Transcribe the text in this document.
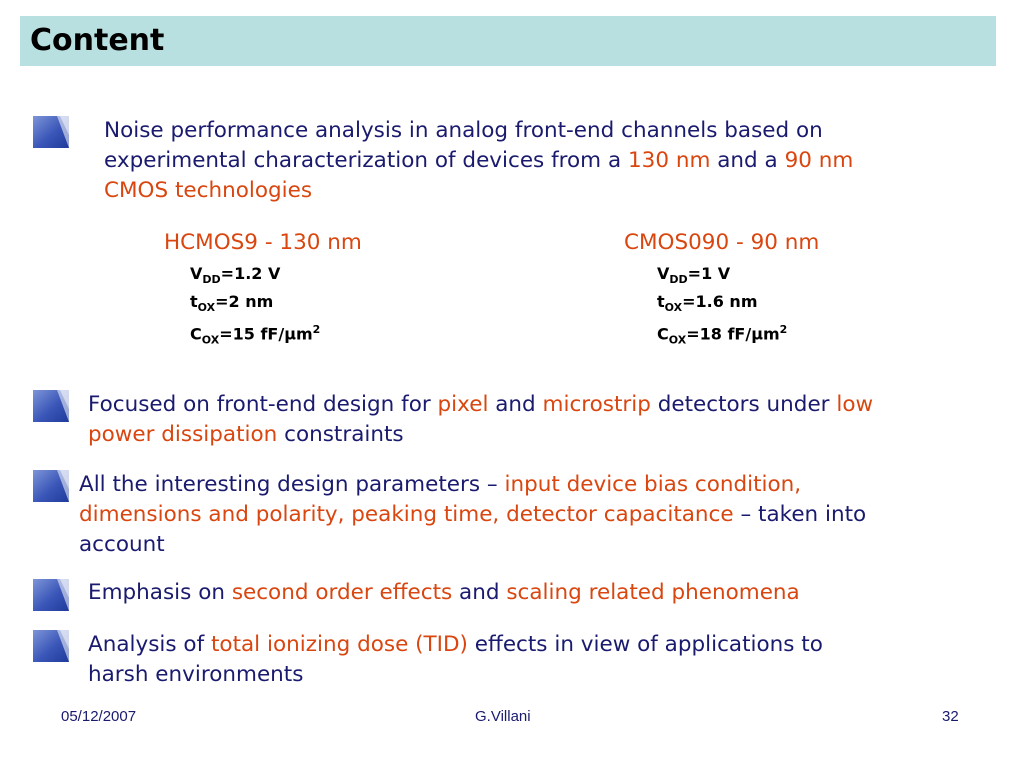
Content
Noise performance analysis in analog front-end channels based on
experimental characterization of devices from a 130 nm and a 90 nm
CMOS technologies
HCMOS9 - 130 nm
$V_{DD}=1.2$ V
$t_{OX}=2$ nm
$C_{OX}=15$ $fF/\mu m^2$
CMOS090 - 90 nm
$V_{DD}=1$ V
$t_{OX}=1.6$ nm
$C_{OX}=18$ $fF/\mu m^2$
Focused on front-end design for pixel and microstrip detectors under low
power dissipation constraints
All the interesting design parameters – input device bias condition,
dimensions and polarity, peaking time, detector capacitance – taken into
account
Emphasis on second order effects and scaling related phenomena
Analysis of total ionizing dose (TID) effects in view of applications to
harsh environments
05/12/2007	G.Villani	32
